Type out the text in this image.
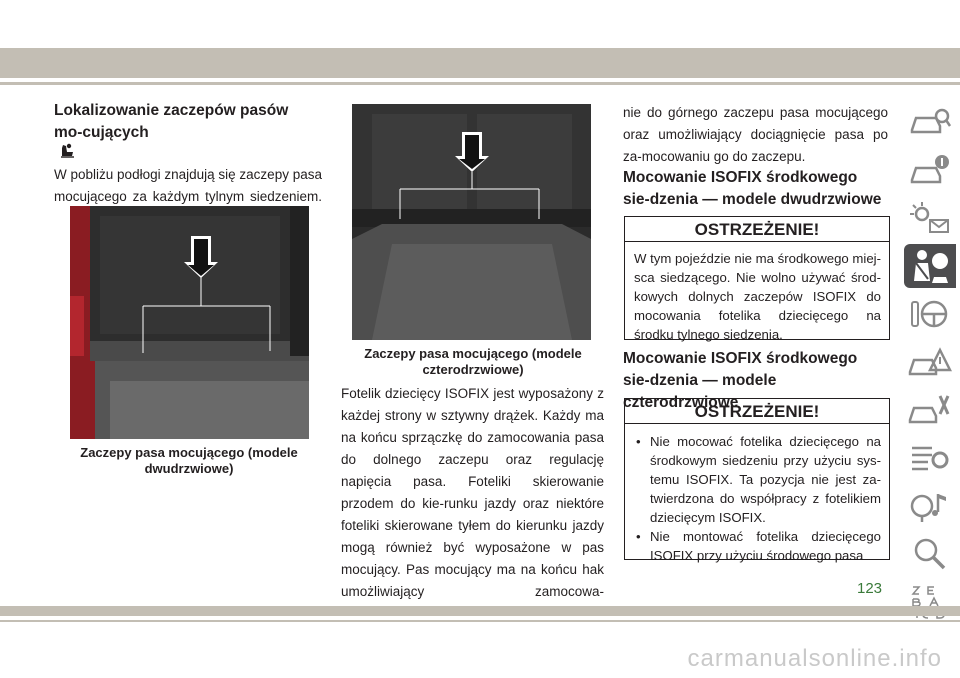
Lokalizowanie zaczepów pasów mo-cujących

W pobliżu podłogi znajdują się zaczepy pasa mocującego za każdym tylnym siedzeniem.

Zaczepy pasa mocującego (modele dwudrzwiowe)
Zaczepy pasa mocującego (modele czterodrzwiowe)

Fotelik dziecięcy ISOFIX jest wyposażony z każdej strony w sztywny drążek. Każdy ma na końcu sprzączkę do zamocowania pasa do dolnego zaczepu oraz regulację napięcia pasa. Foteliki skierowanie przodem do kie-runku jazdy oraz niektóre foteliki skierowane tyłem do kierunku jazdy mogą również być wyposażone w pas mocujący. Pas mocujący ma na końcu hak umożliwiający zamocowa-

nie do górnego zaczepu pasa mocującego oraz umożliwiający dociągnięcie pasa po za-mocowaniu go do zaczepu.

Mocowanie ISOFIX środkowego sie-dzenia — modele dwudrzwiowe
OSTRZEŻENIE!
W tym pojeździe nie ma środkowego miej-sca siedzącego. Nie wolno używać środ-kowych dolnych zaczepów ISOFIX do mocowania fotelika dziecięcego na środku tylnego siedzenia.
Mocowanie ISOFIX środkowego sie-dzenia — modele czterodrzwiowe
OSTRZEŻENIE!
• Nie mocować fotelika dziecięcego na środkowym siedzeniu przy użyciu sys-temu ISOFIX. Ta pozycja nie jest za-twierdzona do współpracy z fotelikiem dziecięcym ISOFIX.
• Nie montować fotelika dziecięcego ISOFIX przy użyciu środowego pasa
123
carmanualsonline.info
